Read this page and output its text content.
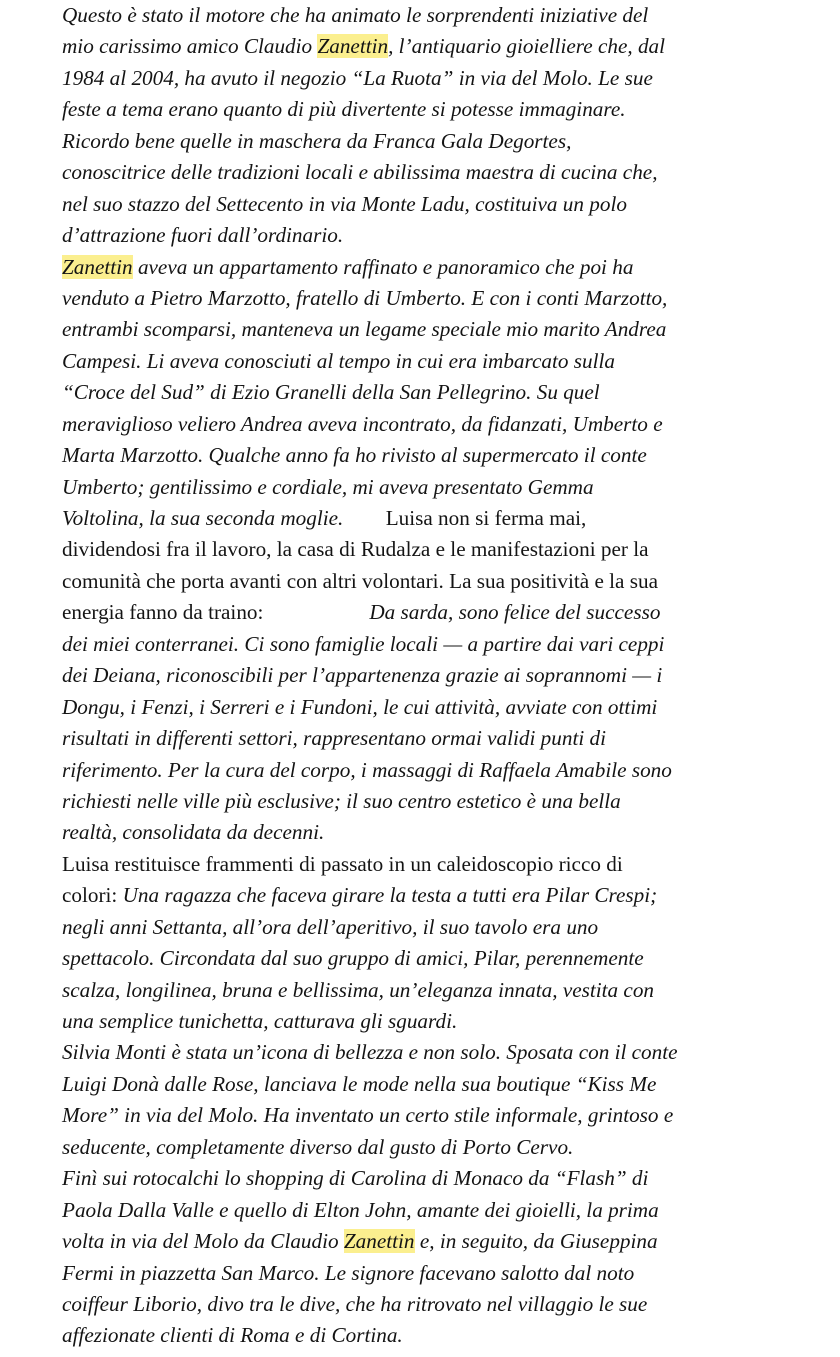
Questo è stato il motore che ha animato le sorprendenti iniziative del
mio carissimo amico Claudio Zanettin, l’antiquario gioielliere che, dal
1984 al 2004, ha avuto il negozio “La Ruota” in via del Molo. Le sue
feste a tema erano quanto di più divertente si potesse immaginare.
Ricordo bene quelle in maschera da Franca Gala Degortes,
conoscitrice delle tradizioni locali e abilissima maestra di cucina che,
nel suo stazzo del Settecento in via Monte Ladu, costituiva un polo
d’attrazione fuori dall’ordinario.
Zanettin aveva un appartamento raffinato e panoramico che poi ha
venduto a Pietro Marzotto, fratello di Umberto. E con i conti Marzotto,
entrambi scomparsi, manteneva un legame speciale mio marito Andrea
Campesi. Li aveva conosciuti al tempo in cui era imbarcato sulla
“Croce del Sud” di Ezio Granelli della San Pellegrino. Su quel
meraviglioso veliero Andrea aveva incontrato, da fidanzati, Umberto e
Marta Marzotto. Qualche anno fa ho rivisto al supermercato il conte
Umberto; gentilissimo e cordiale, mi aveva presentato Gemma
Voltolina, la sua seconda moglie.        Luisa non si ferma mai,
dividendosi fra il lavoro, la casa di Rudalza e le manifestazioni per la
comunità che porta avanti con altri volontari. La sua positività e la sua
energia fanno da traino:                    Da sarda, sono felice del successo
dei miei conterranei. Ci sono famiglie locali — a partire dai vari ceppi
dei Deiana, riconoscibili per l’appartenenza grazie ai soprannomi — i
Dongu, i Fenzi, i Serreri e i Fundoni, le cui attività, avviate con ottimi
risultati in differenti settori, rappresentano ormai validi punti di
riferimento. Per la cura del corpo, i massaggi di Raffaela Amabile sono
richiesti nelle ville più esclusive; il suo centro estetico è una bella
realtà, consolidata da decenni.
Luisa restituisce frammenti di passato in un caleidoscopio ricco di
colori: Una ragazza che faceva girare la testa a tutti era Pilar Crespi;
negli anni Settanta, all’ora dell’aperitivo, il suo tavolo era uno
spettacolo. Circondata dal suo gruppo di amici, Pilar, perennemente
scalza, longilinea, bruna e bellissima, un’eleganza innata, vestita con
una semplice tunichetta, catturava gli sguardi.
Silvia Monti è stata un’icona di bellezza e non solo. Sposata con il conte
Luigi Donà dalle Rose, lanciava le mode nella sua boutique “Kiss Me
More” in via del Molo. Ha inventato un certo stile informale, grintoso e
seducente, completamente diverso dal gusto di Porto Cervo.
Finì sui rotocalchi lo shopping di Carolina di Monaco da “Flash” di
Paola Dalla Valle e quello di Elton John, amante dei gioielli, la prima
volta in via del Molo da Claudio Zanettin e, in seguito, da Giuseppina
Fermi in piazzetta San Marco. Le signore facevano salotto dal noto
coiffeur Liborio, divo tra le dive, che ha ritrovato nel villaggio le sue
affezionate clienti di Roma e di Cortina.
